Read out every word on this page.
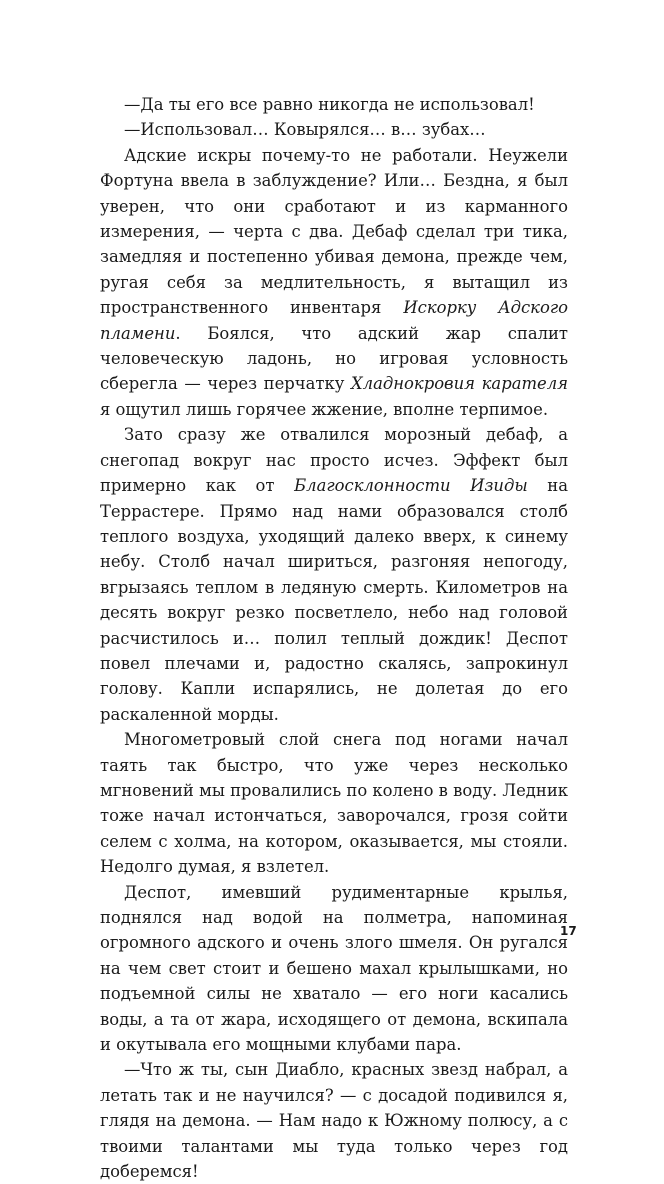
—Да ты его все равно никогда не использовал!

—Использовал… Ковырялся… в… зубах…

Адские искры почему-то не работали. Неужели Фортуна ввела в заблуждение? Или… Бездна, я был уверен, что они сработают и из карманного измерения, — черта с два. Дебаф сделал три тика, замедляя и постепенно убивая демона, прежде чем, ругая себя за медлительность, я вытащил из пространственного инвентаря Искорку Адского пламени. Боялся, что адский жар спалит человеческую ладонь, но игровая условность сберегла — через перчатку Хладнокровия карателя я ощутил лишь горячее жжение, вполне терпимое.

Зато сразу же отвалился морозный дебаф, а снегопад вокруг нас просто исчез. Эффект был примерно как от Благосклонности Изиды на Террастере. Прямо над нами образовался столб теплого воздуха, уходящий далеко вверх, к синему небу. Столб начал шириться, разгоняя непогоду, вгрызаясь теплом в ледяную смерть. Километров на десять вокруг резко посветлело, небо над головой расчистилось и… полил теплый дождик! Деспот повел плечами и, радостно скалясь, запрокинул голову. Капли испарялись, не долетая до его раскаленной морды.

Многометровый слой снега под ногами начал таять так быстро, что уже через несколько мгновений мы провалились по колено в воду. Ледник тоже начал истончаться, заворочался, грозя сойти селем с холма, на котором, оказывается, мы стояли. Недолго думая, я взлетел.

Деспот, имевший рудиментарные крылья, поднялся над водой на полметра, напоминая огромного адского и очень злого шмеля. Он ругался на чем свет стоит и бешено махал крылышками, но подъемной силы не хватало — его ноги касались воды, а та от жара, исходящего от демона, вскипала и окутывала его мощными клубами пара.

—Что ж ты, сын Диабло, красных звезд набрал, а летать так и не научился? — с досадой подивился я, глядя на демона. — Нам надо к Южному полюсу, а с твоими талантами мы туда только через год доберемся!

17
